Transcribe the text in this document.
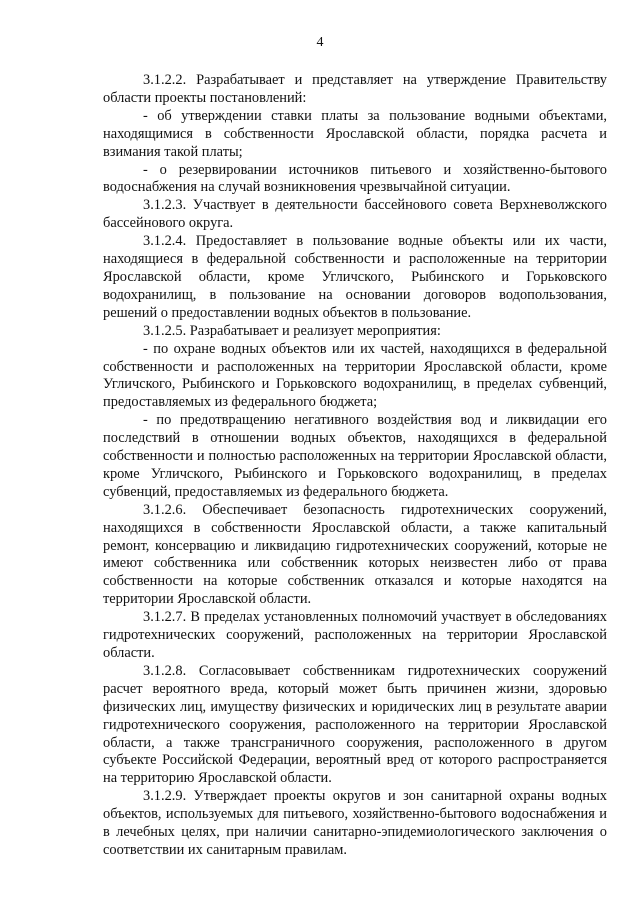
4

3.1.2.2. Разрабатывает и представляет на утверждение Правительству области проекты постановлений:

- об утверждении ставки платы за пользование водными объектами, находящимися в собственности Ярославской области, порядка расчета и взимания такой платы;

- о резервировании источников питьевого и хозяйственно-бытового водоснабжения на случай возникновения чрезвычайной ситуации.

3.1.2.3. Участвует в деятельности бассейнового совета Верхневолжского бассейнового округа.

3.1.2.4. Предоставляет в пользование водные объекты или их части, находящиеся в федеральной собственности и расположенные на территории Ярославской области, кроме Угличского, Рыбинского и Горьковского водохранилищ, в пользование на основании договоров водопользования, решений о предоставлении водных объектов в пользование.

3.1.2.5. Разрабатывает и реализует мероприятия:

- по охране водных объектов или их частей, находящихся в федеральной собственности и расположенных на территории Ярославской области, кроме Угличского, Рыбинского и Горьковского водохранилищ, в пределах субвенций, предоставляемых из федерального бюджета;

- по предотвращению негативного воздействия вод и ликвидации его последствий в отношении водных объектов, находящихся в федеральной собственности и полностью расположенных на территории Ярославской области, кроме Угличского, Рыбинского и Горьковского водохранилищ, в пределах субвенций, предоставляемых из федерального бюджета.

3.1.2.6. Обеспечивает безопасность гидротехнических сооружений, находящихся в собственности Ярославской области, а также капитальный ремонт, консервацию и ликвидацию гидротехнических сооружений, которые не имеют собственника или собственник которых неизвестен либо от права собственности на которые собственник отказался и которые находятся на территории Ярославской области.

3.1.2.7. В пределах установленных полномочий участвует в обследованиях гидротехнических сооружений, расположенных на территории Ярославской области.

3.1.2.8. Согласовывает собственникам гидротехнических сооружений расчет вероятного вреда, который может быть причинен жизни, здоровью физических лиц, имуществу физических и юридических лиц в результате аварии гидротехнического сооружения, расположенного на территории Ярославской области, а также трансграничного сооружения, расположенного в другом субъекте Российской Федерации, вероятный вред от которого распространяется на территорию Ярославской области.

3.1.2.9. Утверждает проекты округов и зон санитарной охраны водных объектов, используемых для питьевого, хозяйственно-бытового водоснабжения и в лечебных целях, при наличии санитарно-эпидемиологического заключения о соответствии их санитарным правилам.
